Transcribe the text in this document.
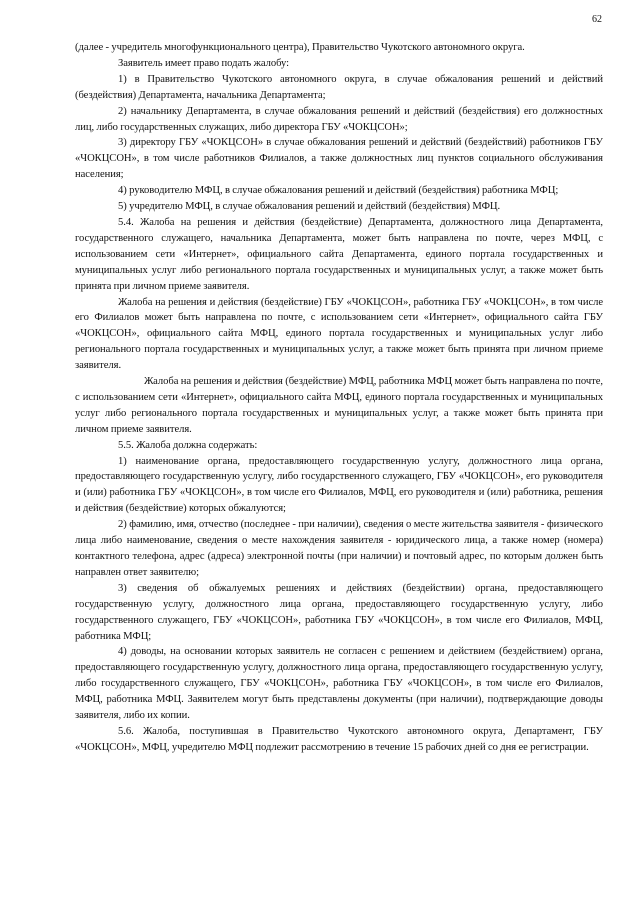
62

(далее - учредитель многофункционального центра), Правительство Чукотского автономного округа.

Заявитель имеет право подать жалобу:

1) в Правительство Чукотского автономного округа, в случае обжалования решений и действий (бездействия) Департамента, начальника Департамента;

2) начальнику Департамента, в случае обжалования решений и действий (бездействия) его должностных лиц, либо государственных служащих, либо директора ГБУ «ЧОКЦСОН»;

3) директору ГБУ «ЧОКЦСОН» в случае обжалования решений и действий (бездействий) работников ГБУ «ЧОКЦСОН», в том числе работников Филиалов, а также должностных лиц пунктов социального обслуживания населения;

4) руководителю МФЦ, в случае обжалования решений и действий (бездействия) работника МФЦ;

5) учредителю МФЦ, в случае обжалования решений и действий (бездействия) МФЦ.

5.4. Жалоба на решения и действия (бездействие) Департамента, должностного лица Департамента, государственного служащего, начальника Департамента, может быть направлена по почте, через МФЦ, с использованием сети «Интернет», официального сайта Департамента, единого портала государственных и муниципальных услуг либо регионального портала государственных и муниципальных услуг, а также может быть принята при личном приеме заявителя.

Жалоба на решения и действия (бездействие) ГБУ «ЧОКЦСОН», работника ГБУ «ЧОКЦСОН», в том числе его Филиалов может быть направлена по почте, с использованием сети «Интернет», официального сайта ГБУ «ЧОКЦСОН», официального сайта МФЦ, единого портала государственных и муниципальных услуг либо регионального портала государственных и муниципальных услуг, а также может быть принята при личном приеме заявителя.

Жалоба на решения и действия (бездействие) МФЦ, работника МФЦ может быть направлена по почте, с использованием сети «Интернет», официального сайта МФЦ, единого портала государственных и муниципальных услуг либо регионального портала государственных и муниципальных услуг, а также может быть принята при личном приеме заявителя.

5.5. Жалоба должна содержать:

1) наименование органа, предоставляющего государственную услугу, должностного лица органа, предоставляющего государственную услугу, либо государственного служащего, ГБУ «ЧОКЦСОН», его руководителя и (или) работника ГБУ «ЧОКЦСОН», в том числе его Филиалов, МФЦ, его руководителя и (или) работника, решения и действия (бездействие) которых обжалуются;

2) фамилию, имя, отчество (последнее - при наличии), сведения о месте жительства заявителя - физического лица либо наименование, сведения о месте нахождения заявителя - юридического лица, а также номер (номера) контактного телефона, адрес (адреса) электронной почты (при наличии) и почтовый адрес, по которым должен быть направлен ответ заявителю;

3) сведения об обжалуемых решениях и действиях (бездействии) органа, предоставляющего государственную услугу, должностного лица органа, предоставляющего государственную услугу, либо государственного служащего, ГБУ «ЧОКЦСОН», работника ГБУ «ЧОКЦСОН», в том числе его Филиалов, МФЦ, работника МФЦ;

4) доводы, на основании которых заявитель не согласен с решением и действием (бездействием) органа, предоставляющего государственную услугу, должностного лица органа, предоставляющего государственную услугу, либо государственного служащего, ГБУ «ЧОКЦСОН», работника ГБУ «ЧОКЦСОН», в том числе его Филиалов, МФЦ, работника МФЦ. Заявителем могут быть представлены документы (при наличии), подтверждающие доводы заявителя, либо их копии.

5.6. Жалоба, поступившая в Правительство Чукотского автономного округа, Департамент, ГБУ «ЧОКЦСОН», МФЦ, учредителю МФЦ подлежит рассмотрению в течение 15 рабочих дней со дня ее регистрации.
